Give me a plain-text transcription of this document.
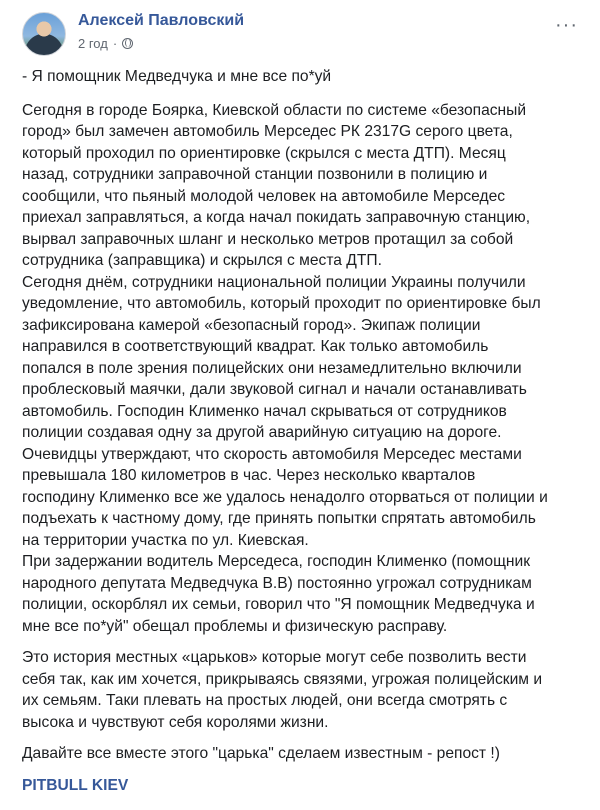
Алексей Павловский
2 год ·
···

- Я помощник Медведчука и мне все по*уй

Сегодня в городе Боярка, Киевской области по системе «безопасный
город» был замечен автомобиль Мерседес РК 2317G серого цвета,
который проходил по ориентировке (скрылся с места ДТП). Месяц
назад, сотрудники заправочной станции позвонили в полицию и
сообщили, что пьяный молодой человек на автомобиле Мерседес
приехал заправляться, а когда начал покидать заправочную станцию,
вырвал заправочных шланг и несколько метров протащил за собой
сотрудника (заправщика) и скрылся с места ДТП.
Сегодня днём, сотрудники национальной полиции Украины получили
уведомление, что автомобиль, который проходит по ориентировке был
зафиксирована камерой «безопасный город». Экипаж полиции
направился в соответствующий квадрат. Как только автомобиль
попался в поле зрения полицейских они незамедлительно включили
проблесковый маячки, дали звуковой сигнал и начали останавливать
автомобиль. Господин Клименко начал скрываться от сотрудников
полиции создавая одну за другой аварийную ситуацию на дороге.
Очевидцы утверждают, что скорость автомобиля Мерседес местами
превышала 180 километров в час. Через несколько кварталов
господину Клименко все же удалось ненадолго оторваться от полиции и
подъехать к частному дому, где принять попытки спрятать автомобиль
на территории участка по ул. Киевская.
При задержании водитель Мерседеса, господин Клименко (помощник
народного депутата Медведчука В.В) постоянно угрожал сотрудникам
полиции, оскорблял их семьи, говорил что "Я помощник Медведчука и
мне все по*уй" обещал проблемы и физическую расправу.

Это история местных «царьков» которые могут себе позволить вести
себя так, как им хочется, прикрываясь связями, угрожая полицейским и
их семьям. Таки плевать на простых людей, они всегда смотрять с
высока и чувствуют себя королями жизни.

Давайте все вместе этого "царька" сделаем известным - репост !)

PITBULL KIEV
